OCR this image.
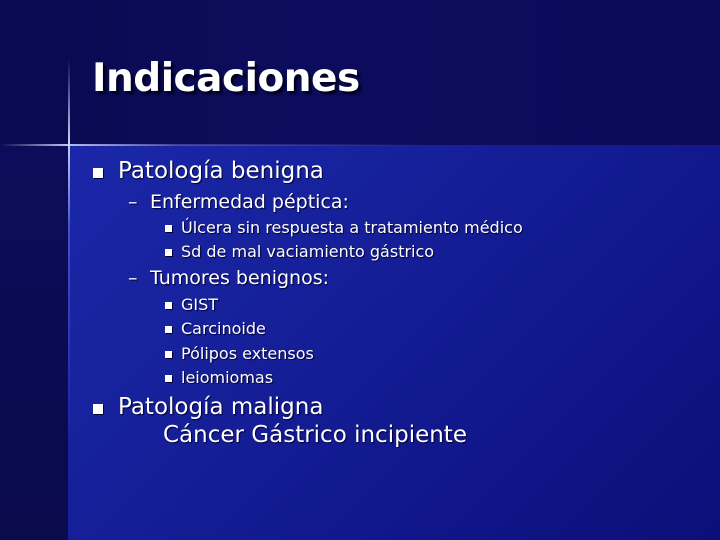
Indicaciones
Patología benigna
– Enfermedad péptica:
Úlcera sin respuesta a tratamiento médico
Sd de mal vaciamiento gástrico
– Tumores benignos:
GIST
Carcinoide
Pólipos extensos
leiomiomas
Patología maligna
Cáncer Gástrico incipiente
